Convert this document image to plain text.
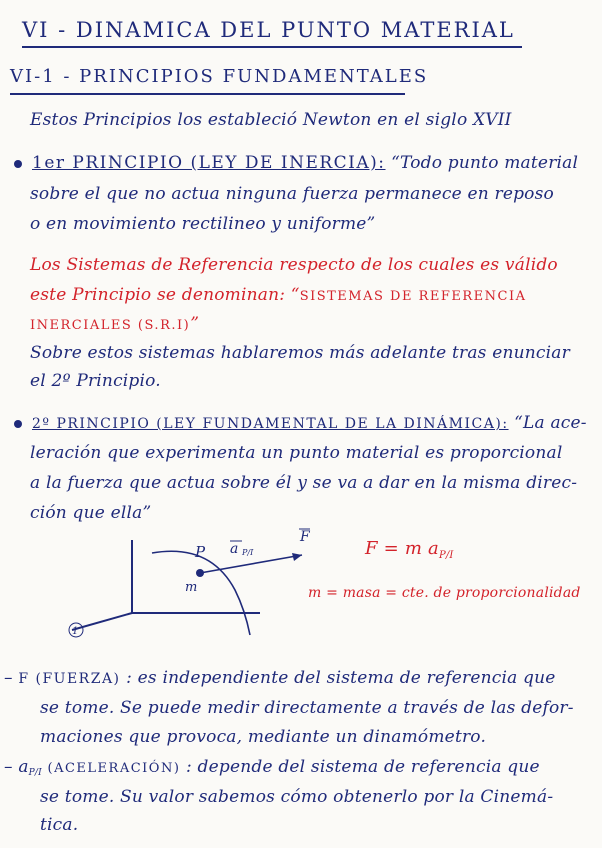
VI - DINAMICA DEL PUNTO MATERIAL
VI-1 - PRINCIPIOS FUNDAMENTALES
Estos Principios los estableció Newton en el siglo XVII
1er PRINCIPIO (LEY DE INERCIA): “Todo punto material
sobre el que no actua ninguna fuerza permanece en reposo
o en movimiento rectilineo y uniforme”
Los Sistemas de Referencia respecto de los cuales es válido
este Principio se denominan: “SISTEMAS DE REFERENCIA
INERCIALES (S.R.I)”
Sobre estos sistemas hablaremos más adelante tras enunciar
el 2º Principio.
2º PRINCIPIO (LEY FUNDAMENTAL DE LA DINÁMICA): “La ace-
leración que experimenta un punto material es proporcional
a la fuerza que actua sobre él y se va a dar en la misma direc-
ción que ella”
P
m
a P/I
F
1
F = m $a_{P/I}$
m = masa = cte. de proporcionalidad
– F (FUERZA) : es independiente del sistema de referencia que
se tome. Se puede medir directamente a través de las defor-
maciones que provoca, mediante un dinamómetro.
– aP/I (ACELERACIÓN) : depende del sistema de referencia que
se tome. Su valor sabemos cómo obtenerlo por la Cinemá-
tica.
